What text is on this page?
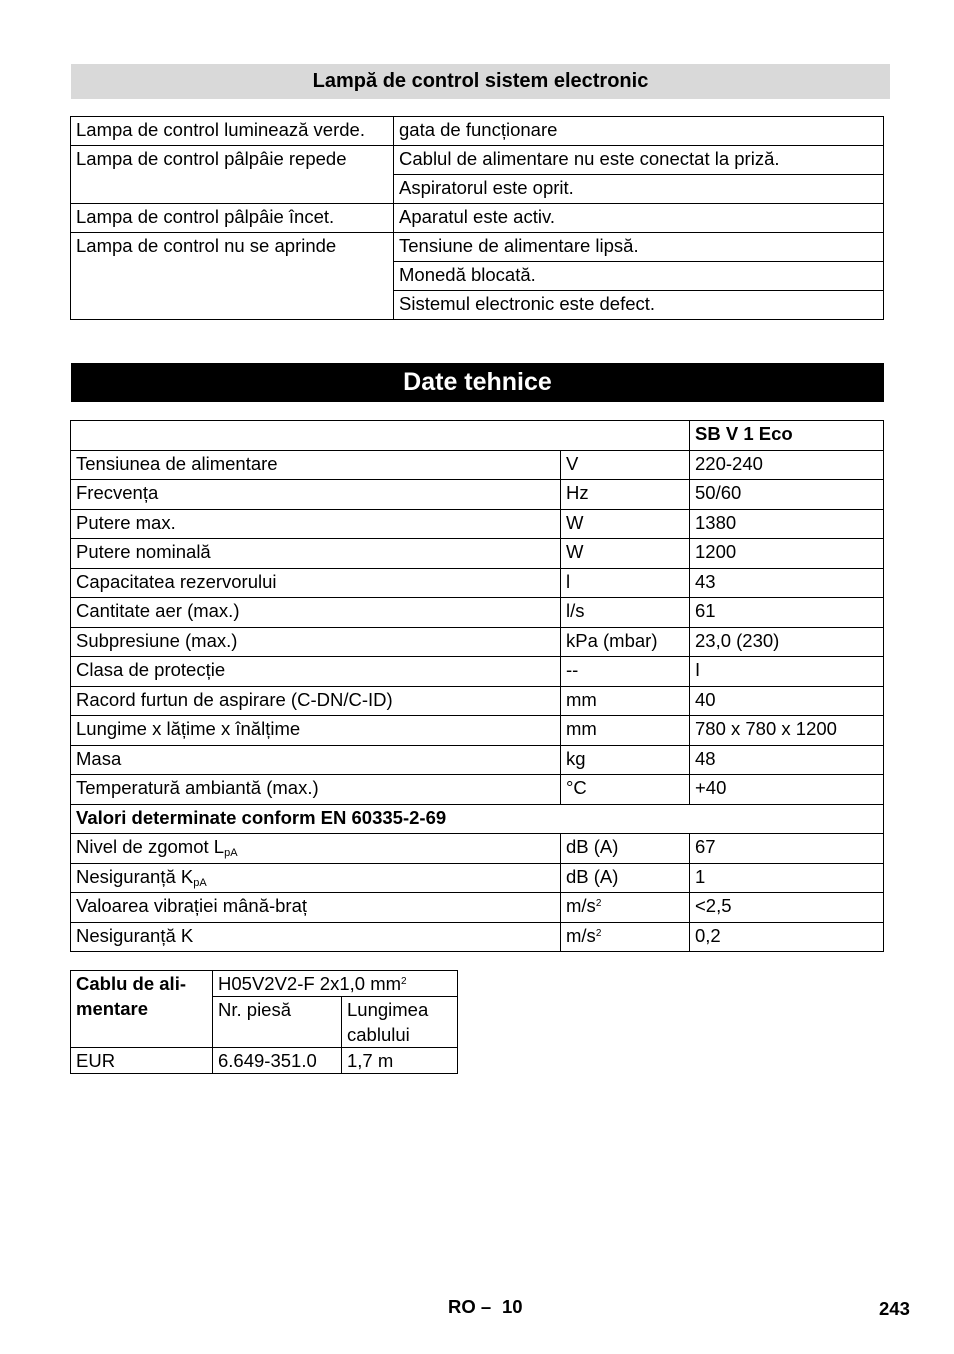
Lampă de control sistem electronic
Lampa de control luminează verde.	gata de funcționare
Lampa de control pâlpâie repede	Cablul de alimentare nu este conectat la priză.
	Aspiratorul este oprit.
Lampa de control pâlpâie încet.	Aparatul este activ.
Lampa de control nu se aprinde	Tensiune de alimentare lipsă.
	Monedă blocată.
	Sistemul electronic este defect.
Date tehnice
		SB V 1 Eco
Tensiunea de alimentare	V	220-240
Frecvența	Hz	50/60
Putere max.	W	1380
Putere nominală	W	1200
Capacitatea rezervorului	l	43
Cantitate aer (max.)	l/s	61
Subpresiune (max.)	kPa (mbar)	23,0 (230)
Clasa de protecție	--	I
Racord furtun de aspirare (C-DN/C-ID)	mm	40
Lungime x lățime x înălțime	mm	780 x 780 x 1200
Masa	kg	48
Temperatură ambiantă (max.)	°C	+40
Valori determinate conform EN 60335-2-69		
Nivel de zgomot $L_{pA}$	dB (A)	67
Nesiguranță $K_{pA}$	dB (A)	1
Valoarea vibrației mână-braț	$m/s^2$	<2,5
Nesiguranță K	$m/s^2$	0,2
Cablu de ali-
mentare	H05V2V2-F 2x1,0 $mm^2$
	Nr. piesă	Lungimea cablului
EUR	6.649-351.0	1,7 m
RO – 10	243
